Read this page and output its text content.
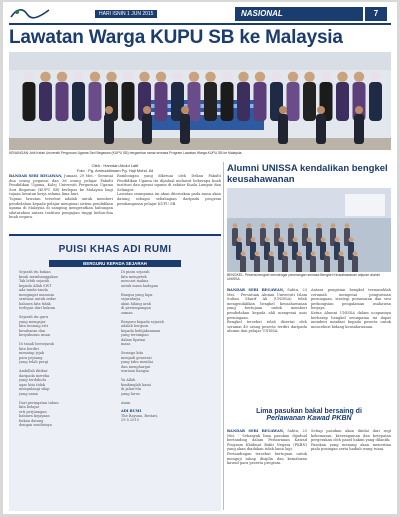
HARI ISNIN 1 JUN 2015	NASIONAL	7
Lawatan Warga KUPU SB ke Malaysia
KENANGAN: Ahli Kelab Universiti Perguruan Ugama Seri Begawan (KUPU SB) bergambar ramai semasa Program Lawatan Warga KUPU SB ke Malaysia.
Oleh : Hamdan Abdul Latif
Foto : Pg. Amiruddinsam Pg. Haji Mohd. Ali
BANDAR SERI BEGAWAN, Jumaat, 29 Mei. - Seramai dua orang pegawai dan 36 orang pelajar Fakulti Pendidikan Ugama, Kolej Universiti Perguruan Ugama Seri Begawan (KUPU SB) berlepas ke Malaysia bagi tujuan lawatan kerja selama lima hari.
Tujuan lawatan tersebut adalah untuk memberi pendedahan kepada pelajar mengenai sistem pendidikan ugama di Malaysia di samping mengeratkan hubungan silaturahim antara institusi pengajian tinggi kedua-dua buah negara.
Rombongan yang diketuai oleh Dekan Fakulti Pendidikan Ugama itu dijadual melawat beberapa buah institusi dan agensi ugama di sekitar Kuala Lumpur dan Selangor.
Lawatan seumpama ini akan diteruskan pada masa akan datang sebagai sebahagian daripada program pembangunan pelajar KUPU SB.
PUISI KHAS ADI RUMI
BERGURU KEPADA SEJARAH
Sejarah itu bukan
kisah membanggakan
Tak lebih sejarah
kepada Allah SWT
ada tanda-tanda
mengingat manusia
sentiasa untuk sedar
bahawa kita tidak
terlepas dari hukum

Sejarah itu guru
yang mengajar
kita tentang erti
kesabaran dan
kesyukuran insan

Di tanah bersejarah
kita berdiri
menatap jejak
para pejuang
yang telah pergi

Ambillah iktibar
daripada mereka
yang terdahulu
agar kita tidak
mengulangi silap
yang sama

Dari peringatan tahun
kita belajar
erti perjuangan
bahawa kejayaan
bukan datang
dengan sendirinya
Di pintu sejarah
kita mengetuk
mencari makna
untuk masa hadapan

Bangsa yang lupa
sejarahnya
akan hilang arah
di persimpangan
zaman

Berguru kepada sejarah
adalah berguru
kepada kebijaksanaan
yang tersimpan
dalam lipatan
masa

Semoga kita
menjadi generasi
yang tahu menilai
dan menghargai
warisan bangsa

Ya Allah
bimbinglah kami
di jalan-Mu
yang lurus

Amin
ADI RUMI
The Rayuna, Bestari,
29.5.2015
Alumni UNISSA kendalikan bengkel keusahawanan
BENGKEL: Peserta bengkel mendengar penerangan semasa Bengkel Keusahawanan anjuran alumni UNISSA.
BANDAR SERI BEGAWAN, Sabtu, 23 Mei. - Persatuan Alumni Universiti Islam Sultan Sharif Ali (UNISSA) telah mengendalikan bengkel keusahawanan yang bertujuan untuk memberi pendedahan kepada ahli mengenai asas perniagaan.
Bengkel tersebut telah disertai oleh seramai 40 orang peserta terdiri daripada alumni dan pelajar UNISSA.
Antara pengisian bengkel termasuklah ceramah mengenai pengurusan perniagaan, strategi pemasaran dan sesi perkongsian pengalaman usahawan berjaya.
Ketua Alumni UNISSA dalam ucapannya berharap bengkel seumpama ini dapat memberi manfaat kepada peserta untuk menceburi bidang keusahawanan.
Lima pasukan bakal bersaing di
Perlawanan Kawad PKBN
BANDAR SERI BEGAWAN, Sabtu, 23 Mei. - Sebanyak lima pasukan dijadual bertanding dalam Perlawanan Kawad Program Khidmat Bakti Negara (PKBN) yang akan diadakan tidak lama lagi.
Pertandingan tersebut bertujuan untuk menguji tahap disiplin dan kemahiran kawad para peserta program.
Setiap pasukan akan dinilai dari segi kekemasan, keseragaman dan ketepatan pergerakan oleh panel hakim yang dilantik.
Pasukan yang menang akan menerima piala pusingan serta hadiah wang tunai.
